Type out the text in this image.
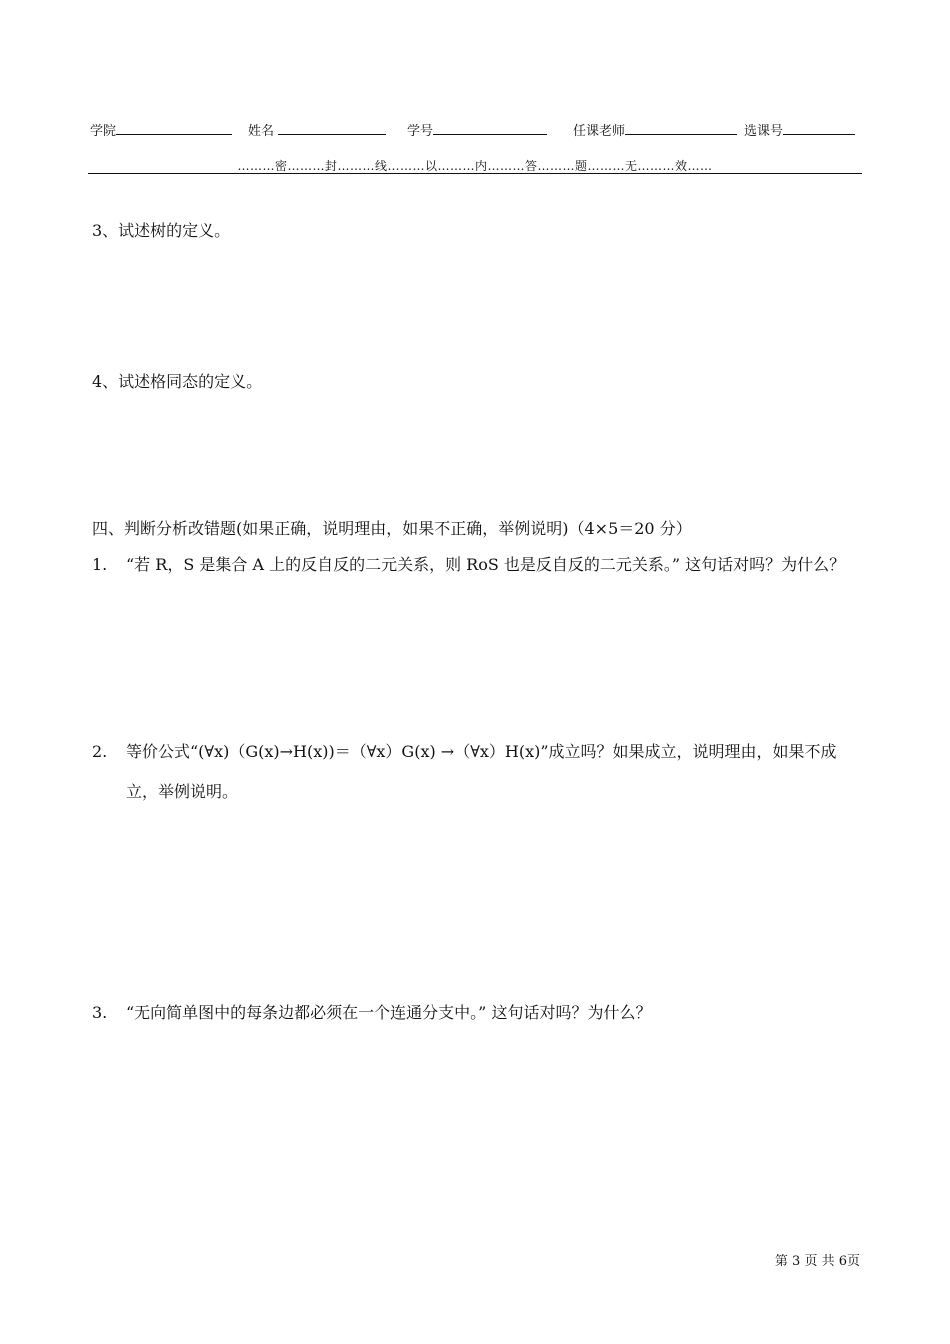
学院	姓名	学号	任课老师	选课号
………密………封………线………以………内………答………题………无………效……
3、试述树的定义。
4、试述格同态的定义。
四、判断分析改错题(如果正确，说明理由，如果不正确，举例说明)（4×5＝20 分）
1. “若 R，S 是集合 A 上的反自反的二元关系，则 RoS 也是反自反的二元关系。” 这句话对吗？为什么？
2. 等价公式“(∀x)（G(x)→H(x))＝（∀x）G(x) →（∀x）H(x)”成立吗？如果成立，说明理由，如果不成立，举例说明。
3. “无向简单图中的每条边都必须在一个连通分支中。” 这句话对吗？为什么？
第 3 页 共 6页
